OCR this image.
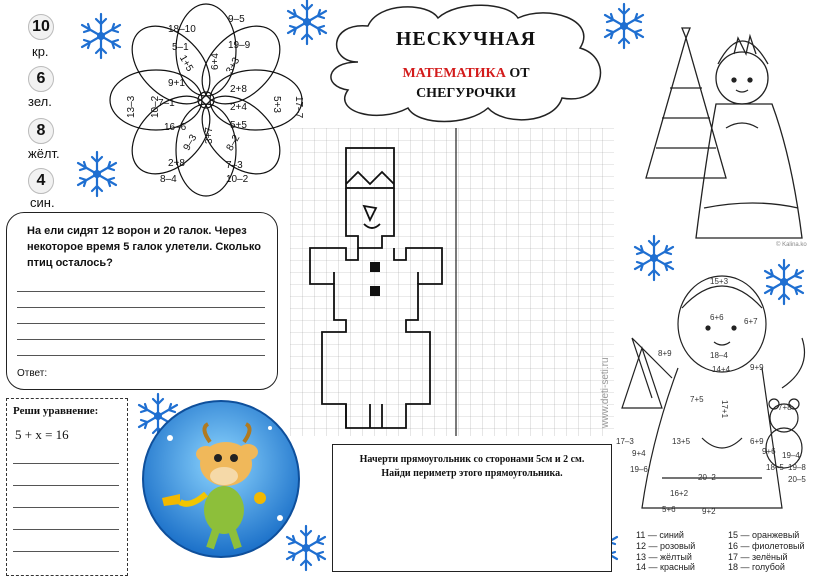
10
кр.
6
зел.
8
жёлт.
4
син.
18–10
5–1
1+5
9+1
7–1
10–2
13–3
16–6
9–3
2+8
8–4
6+4 3+3
2+8
2+4
5+5
17–7
5+3
3+7 8–2
7–3
10–2
9–5
19–9	НЕСКУЧНАЯ
МАТЕМАТИКА ОТ
СНЕГУРОЧКИ
На ели сидят 12 ворон и 20 галок. Через некоторое время 5 галок улетели. Сколько птиц осталось?
Ответ:
Реши уравнение:
5 + x = 16
www.deti-seti.ru
Начерти прямоугольник со сторонами 5см и 2 см.
Найди периметр этого прямоугольника.
© Kalina.ko
15+3
6+6	6+7
8+9	18–4
14+4 9+9
7+5
17+1
13+5
17–3
9+4
19–6
16+2
20–2
9+2
5+6
7+8
9+6 19–4
19–8
18–5
20–5
6+9
11 — синий
12 — розовый
13 — жёлтый
14 — красный
15 — оранжевый
16 — фиолетовый
17 — зелёный
18 — голубой
